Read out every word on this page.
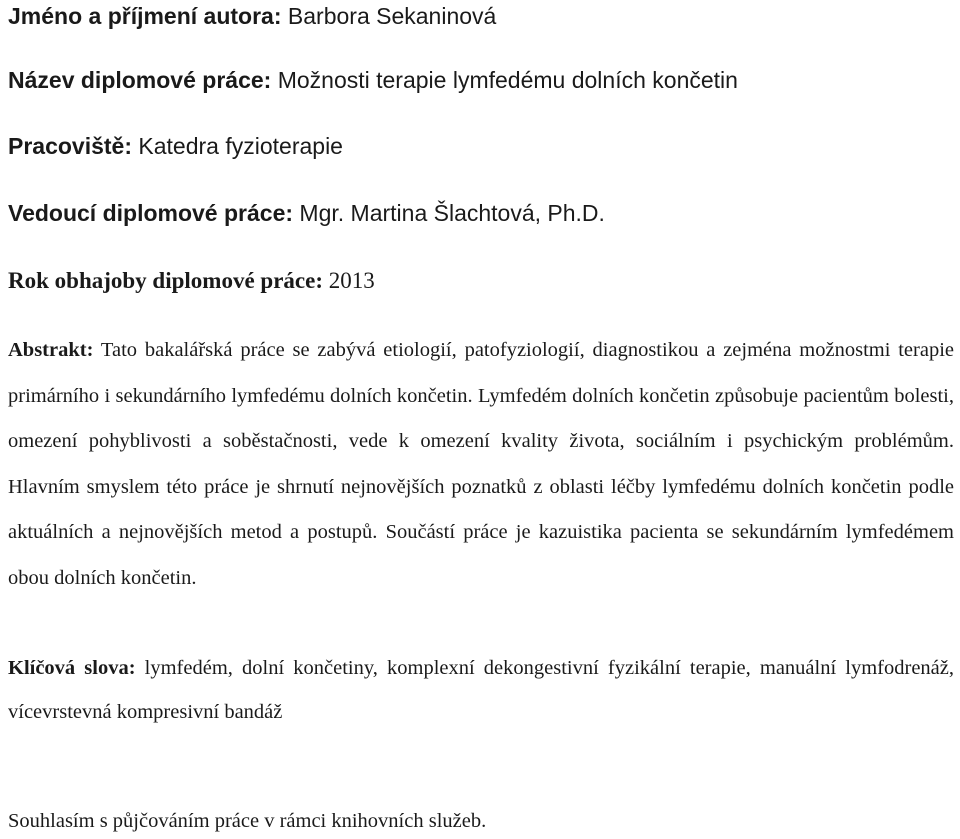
Jméno a příjmení autora: Barbora Sekaninová

Název diplomové práce: Možnosti terapie lymfedému dolních končetin

Pracoviště: Katedra fyzioterapie

Vedoucí diplomové práce: Mgr. Martina Šlachtová, Ph.D.

Rok obhajoby diplomové práce: 2013

Abstrakt: Tato bakalářská práce se zabývá etiologií, patofyziologií, diagnostikou a zejména možnostmi terapie primárního i sekundárního lymfedému dolních končetin. Lymfedém dolních končetin způsobuje pacientům bolesti, omezení pohyblivosti a soběstačnosti, vede k omezení kvality života, sociálním i psychickým problémům. Hlavním smyslem této práce je shrnutí nejnovějších poznatků z oblasti léčby lymfedému dolních končetin podle aktuálních a nejnovějších metod a postupů. Součástí práce je kazuistika pacienta se sekundárním lymfedémem obou dolních končetin.

Klíčová slova: lymfedém, dolní končetiny, komplexní dekongestivní fyzikální terapie, manuální lymfodrenáž, vícevrstevná kompresivní bandáž

Souhlasím s půjčováním práce v rámci knihovních služeb.
